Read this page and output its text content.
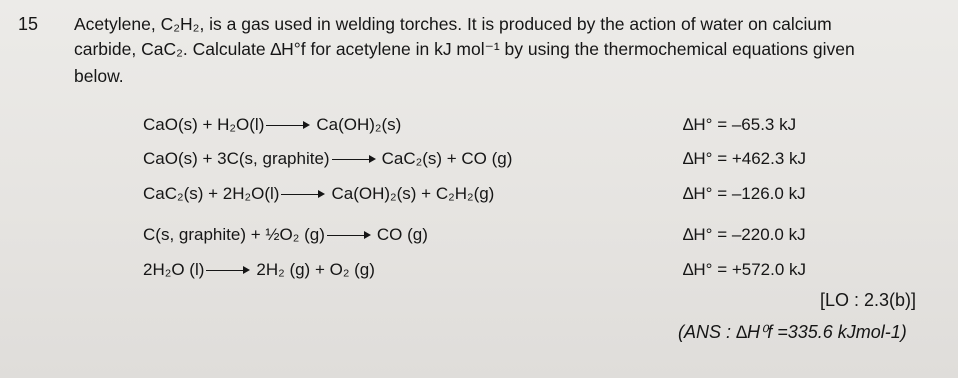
15 Acetylene, C₂H₂, is a gas used in welding torches. It is produced by the action of water on calcium
carbide, CaC₂. Calculate ∆H°f for acetylene in kJ mol⁻¹ by using the thermochemical equations given
below.
CaO(s) + H₂O(l)	Ca(OH)₂(s)	∆H° = –65.3 kJ
CaO(s) + 3C(s, graphite)	CaC₂(s) + CO (g)	∆H° = +462.3 kJ
CaC₂(s) + 2H₂O(l)	Ca(OH)₂(s) + C₂H₂(g)	∆H° = –126.0 kJ
C(s, graphite) + ½O₂ (g)	CO (g)	∆H° = –220.0 kJ
2H₂O (l)	2H₂ (g) + O₂ (g)	∆H° = +572.0 kJ
[LO : 2.3(b)]
(ANS : ∆H⁰f =335.6 kJmol-1)
